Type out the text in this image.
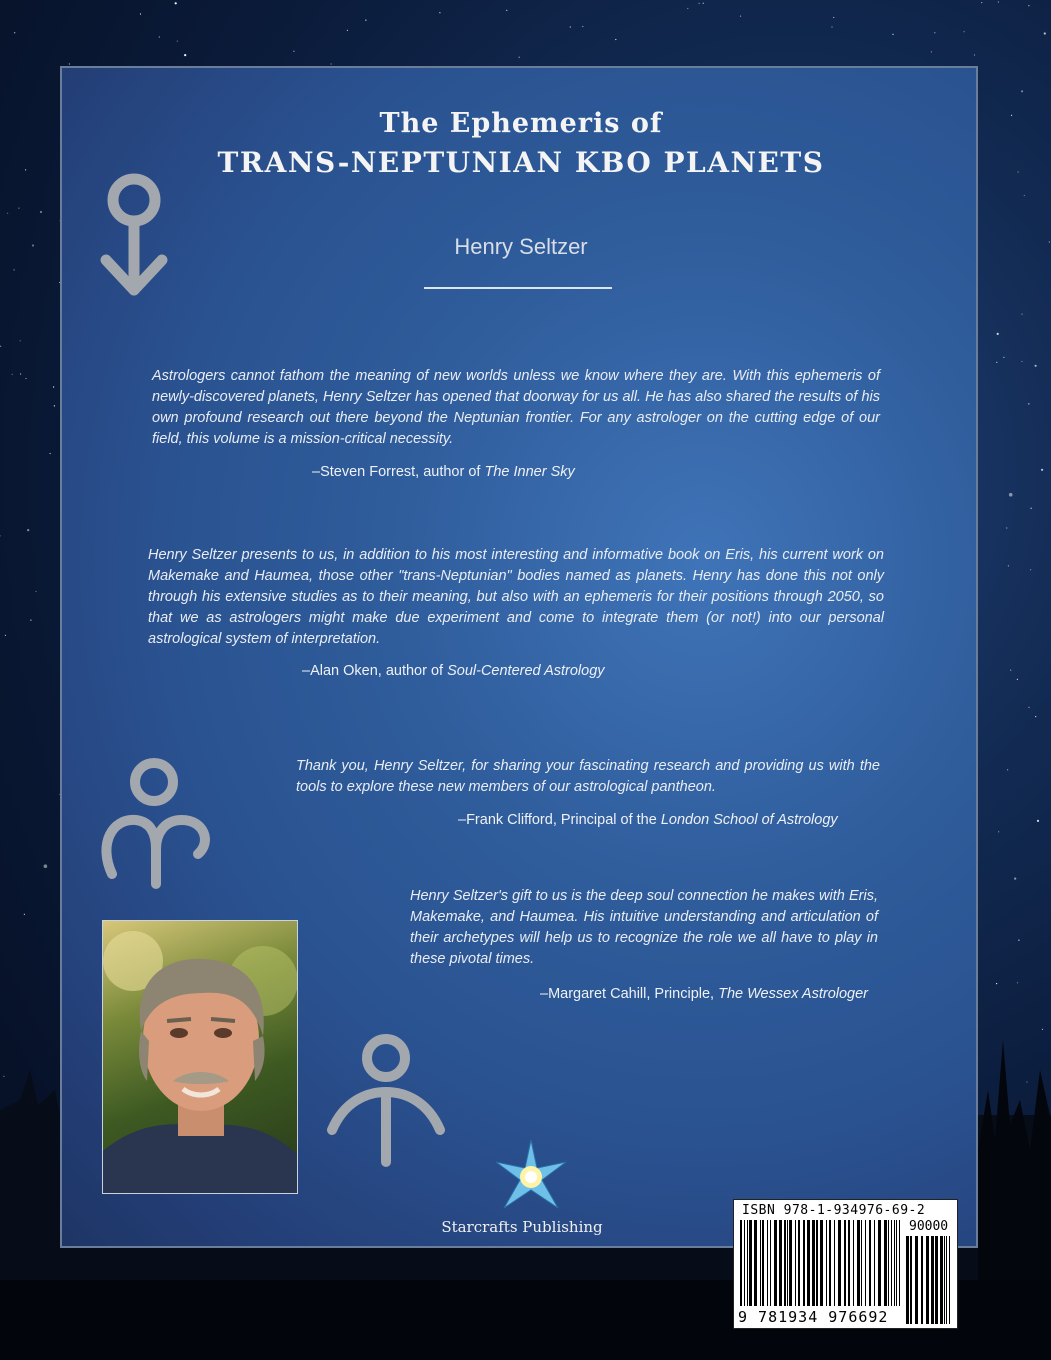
The Ephemeris of
TRANS-NEPTUNIAN KBO PLANETS
Henry Seltzer

Astrologers cannot fathom the meaning of new worlds unless we know where they are. With this ephemeris of newly-discovered planets, Henry Seltzer has opened that doorway for us all. He has also shared the results of his own profound research out there beyond the Neptunian frontier. For any astrologer on the cutting edge of our field, this volume is a mission-critical necessity.

–Steven Forrest, author of The Inner Sky

Henry Seltzer presents to us, in addition to his most interesting and informative book on Eris, his current work on Makemake and Haumea, those other "trans-Neptunian" bodies named as planets. Henry has done this not only through his extensive studies as to their meaning, but also with an ephemeris for their positions through 2050, so that we as astrologers might make due experiment and come to integrate them (or not!) into our personal astrological system of interpretation.

–Alan Oken, author of Soul-Centered Astrology

Thank you, Henry Seltzer, for sharing your fascinating research and providing us with the tools to explore these new members of our astrological pantheon.

–Frank Clifford, Principal of the London School of Astrology

Henry Seltzer's gift to us is the deep soul connection he makes with Eris, Makemake, and Haumea. His intuitive understanding and articulation of their archetypes will help us to recognize the role we all have to play in these pivotal times.

–Margaret Cahill, Principle, The Wessex Astrologer
Starcrafts Publishing
ISBN 978-1-934976-69-2
90000
9 781934 976692
